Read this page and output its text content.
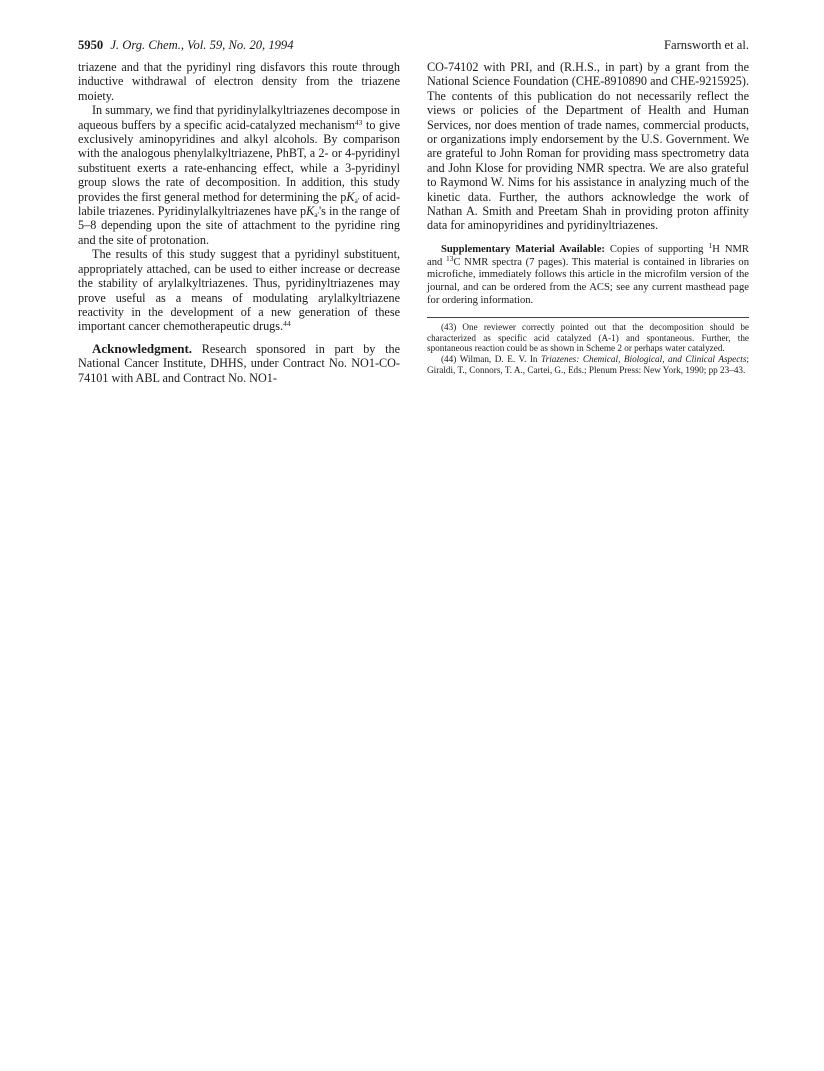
5950 J. Org. Chem., Vol. 59, No. 20, 1994	Farnsworth et al.

triazene and that the pyridinyl ring disfavors this route through inductive withdrawal of electron density from the triazene moiety.

In summary, we find that pyridinylalkyltriazenes decompose in aqueous buffers by a specific acid-catalyzed mechanism$^{43}$ to give exclusively aminopyridines and alkyl alcohols. By comparison with the analogous phenylalkyltriazene, PhBT, a 2- or 4-pyridinyl substituent exerts a rate-enhancing effect, while a 3-pyridinyl group slows the rate of decomposition. In addition, this study provides the first general method for determining the $pK_{a'}$ of acid-labile triazenes. Pyridinylalkyltriazenes have $pK_{a'}'s$ in the range of 5–8 depending upon the site of attachment to the pyridine ring and the site of protonation.

The results of this study suggest that a pyridinyl substituent, appropriately attached, can be used to either increase or decrease the stability of arylalkyltriazenes. Thus, pyridinyltriazenes may prove useful as a means of modulating arylalkyltriazene reactivity in the development of a new generation of these important cancer chemotherapeutic drugs.$^{44}$

Acknowledgment. Research sponsored in part by the National Cancer Institute, DHHS, under Contract No. NO1-CO-74101 with ABL and Contract No. NO1-

CO-74102 with PRI, and (R.H.S., in part) by a grant from the National Science Foundation (CHE-8910890 and CHE-9215925). The contents of this publication do not necessarily reflect the views or policies of the Department of Health and Human Services, nor does mention of trade names, commercial products, or organizations imply endorsement by the U.S. Government. We are grateful to John Roman for providing mass spectrometry data and John Klose for providing NMR spectra. We are also grateful to Raymond W. Nims for his assistance in analyzing much of the kinetic data. Further, the authors acknowledge the work of Nathan A. Smith and Preetam Shah in providing proton affinity data for aminopyridines and pyridinyltriazenes.

Supplementary Material Available: Copies of supporting $^1$H NMR and $^{13}$C NMR spectra (7 pages). This material is contained in libraries on microfiche, immediately follows this article in the microfilm version of the journal, and can be ordered from the ACS; see any current masthead page for ordering information.

(43) One reviewer correctly pointed out that the decomposition should be characterized as specific acid catalyzed (A-1) and spontaneous. Further, the spontaneous reaction could be as shown in Scheme 2 or perhaps water catalyzed.

(44) Wilman, D. E. V. In Triazenes: Chemical, Biological, and Clinical Aspects; Giraldi, T., Connors, T. A., Cartei, G., Eds.; Plenum Press: New York, 1990; pp 23–43.
